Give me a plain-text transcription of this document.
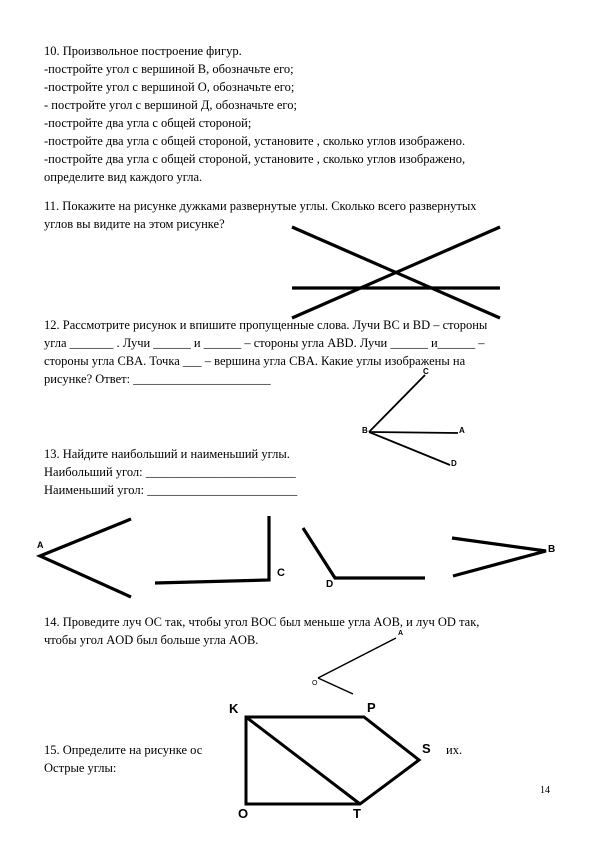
10. Произвольное построение фигур.
-постройте угол с вершиной В, обозначьте его;
-постройте угол с вершиной О, обозначьте его;
- постройте угол с вершиной Д, обозначьте его;
-постройте два угла с общей стороной;
-постройте два угла с общей стороной, установите , сколько углов изображено.
-постройте два угла с общей стороной, установите , сколько углов изображено,
определите вид каждого угла.
11. Покажите на рисунке дужками развернутые углы. Сколько всего развернутых
углов вы видите на этом рисунке?
12. Рассмотрите рисунок и впишите пропущенные слова. Лучи ВС и ВD – стороны
угла _______ . Лучи ______ и ______ – стороны угла ABD. Лучи ______ и______ –
стороны угла CBA. Точка ___ – вершина угла CBA. Какие углы изображены на
рисунке? Ответ: ______________________
C
B	A
D
13. Найдите наибольший и наименьший углы.
Наибольший угол: ________________________
Наименьший угол: ________________________
A
C
D
B
14. Проведите луч OC так, чтобы угол BOC был меньше угла AOB, и луч OD так,
чтобы угол AOD был больше угла AOB.	A
O
15. Определите на рисунке ос	их.
Острые углы:
K	P
S
O	T
14
